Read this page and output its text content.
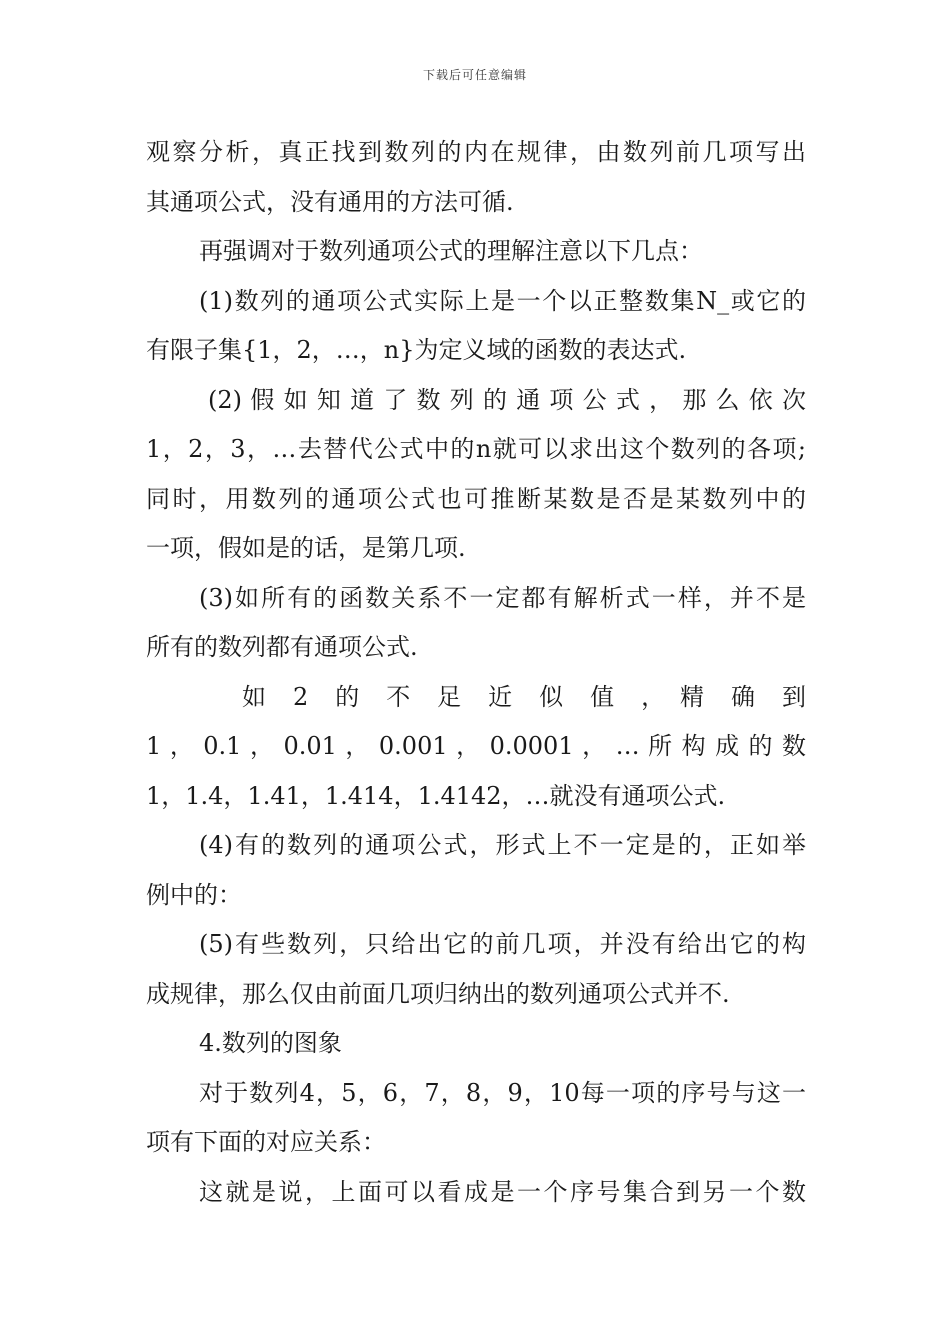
下载后可任意编辑
观察分析，真正找到数列的内在规律，由数列前几项写出
其通项公式，没有通用的方法可循.
再强调对于数列通项公式的理解注意以下几点：
(1)数列的通项公式实际上是一个以正整数集N_或它的
有限子集{1，2，…，n}为定义域的函数的表达式.
(2) 假 如 知 道 了 数 列 的 通 项 公 式 ， 那 么 依 次
1，2，3，…去替代公式中的n就可以求出这个数列的各项;
同时，用数列的通项公式也可推断某数是否是某数列中的
一项，假如是的话，是第几项.
(3)如所有的函数关系不一定都有解析式一样，并不是
所有的数列都有通项公式.
如　2　的　不　足　近　似　值　，　精　确　到
1 ， 0.1 ， 0.01 ， 0.001 ， 0.0001 ， … 所 构 成 的 数
1，1.4，1.41，1.414，1.4142，…就没有通项公式.
(4)有的数列的通项公式，形式上不一定是的，正如举
例中的：
(5)有些数列，只给出它的前几项，并没有给出它的构
成规律，那么仅由前面几项归纳出的数列通项公式并不.
4.数列的图象
对于数列4，5，6，7，8，9，10每一项的序号与这一
项有下面的对应关系：
这就是说，上面可以看成是一个序号集合到另一个数
